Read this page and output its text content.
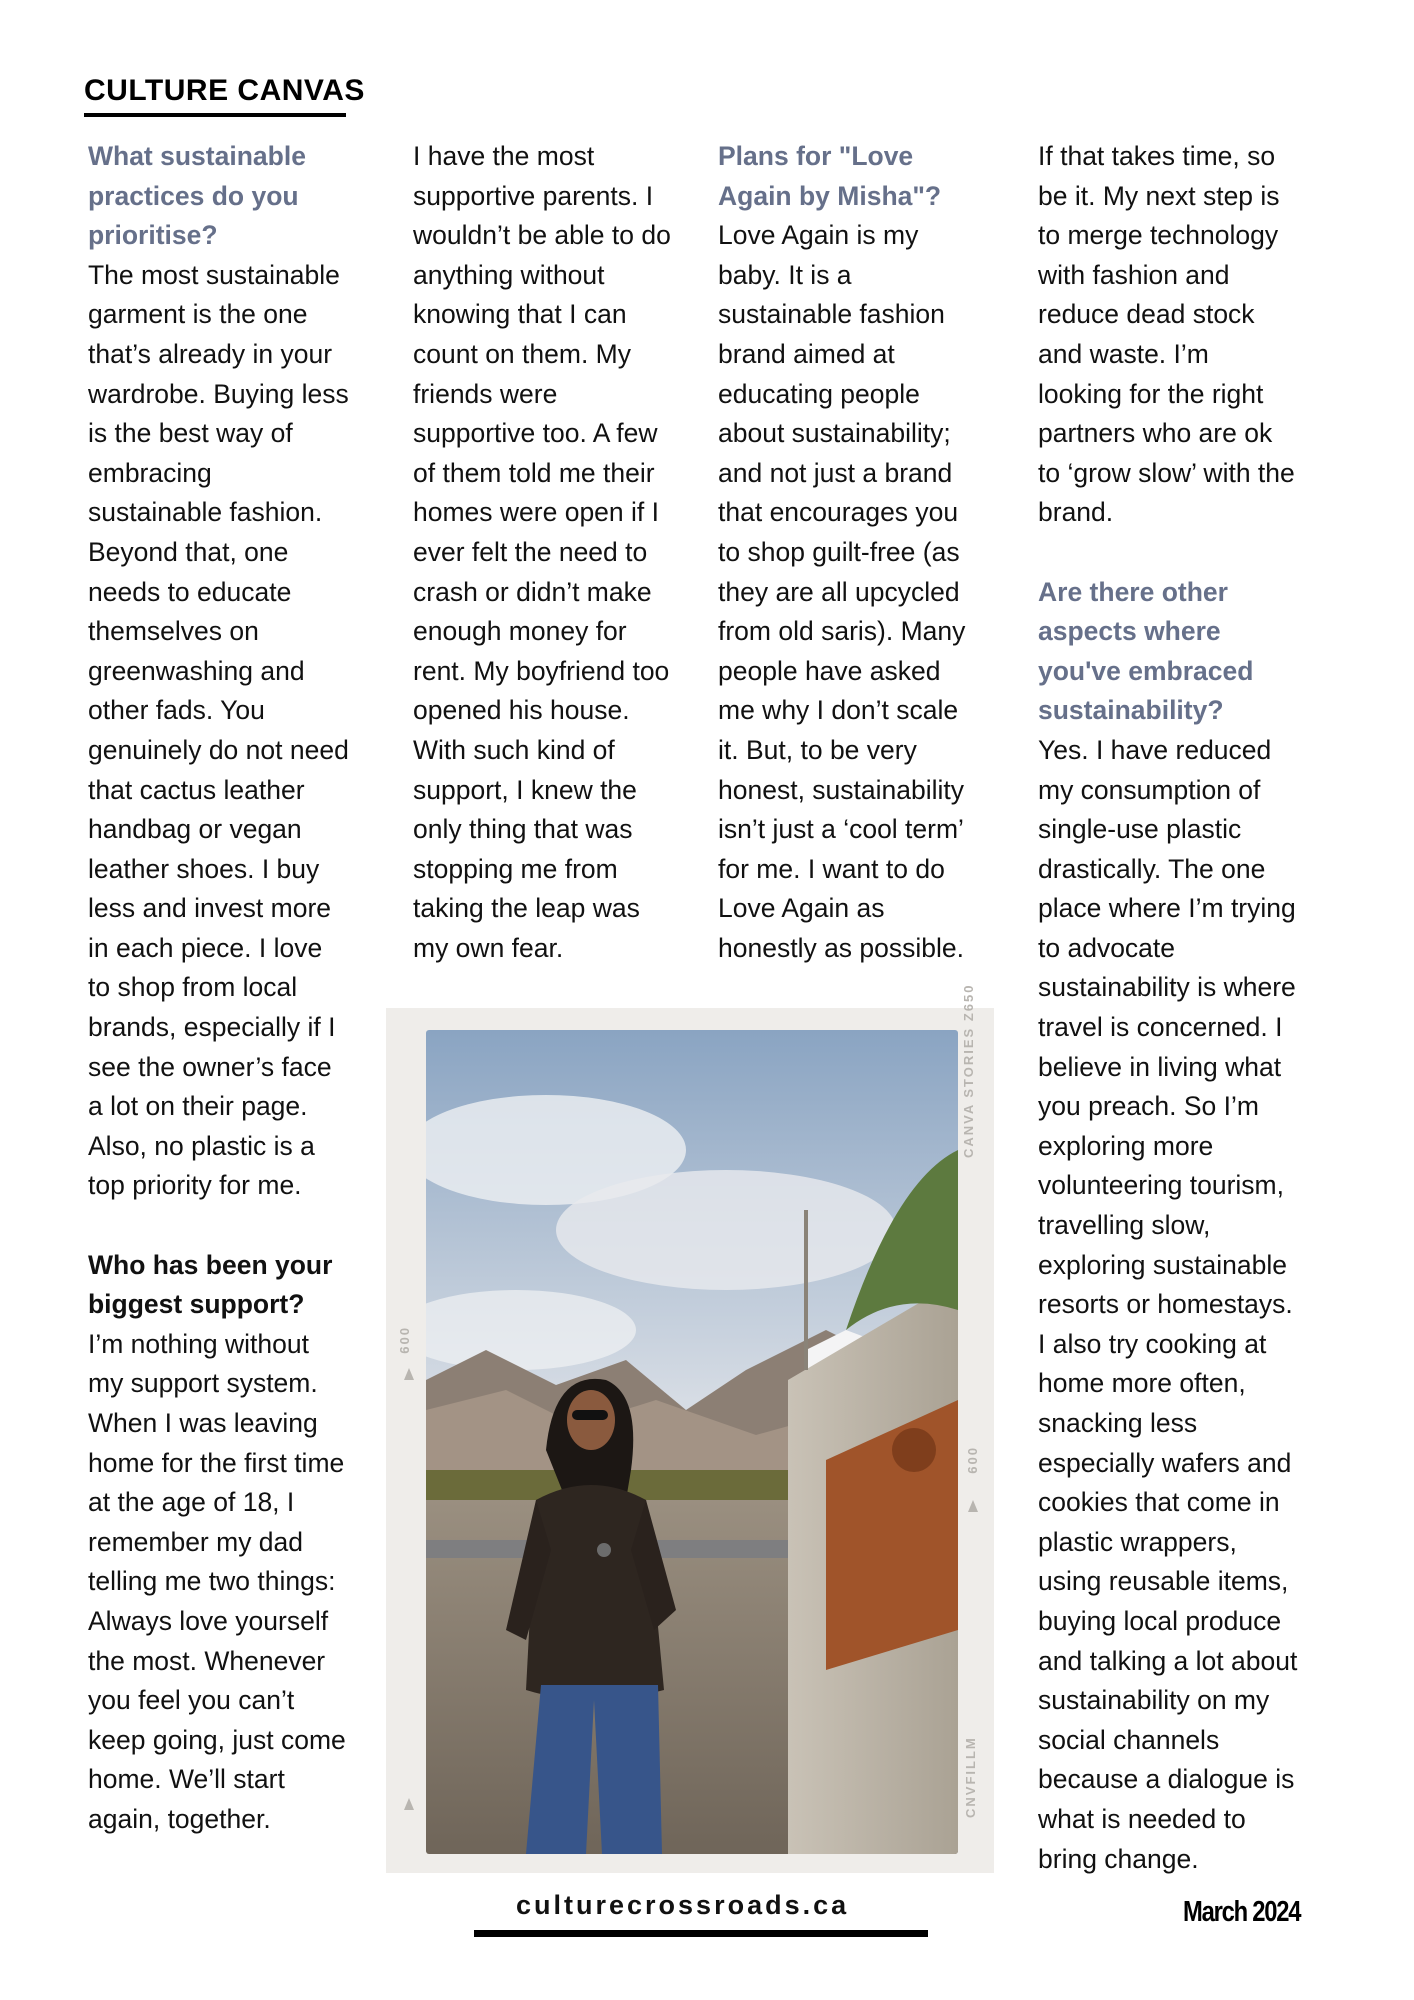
CULTURE CANVAS

What sustainable

practices do you

prioritise?

The most sustainable

garment is the one

that’s already in your

wardrobe. Buying less

is the best way of

embracing

sustainable fashion.

Beyond that, one

needs to educate

themselves on

greenwashing and

other fads. You

genuinely do not need

that cactus leather

handbag or vegan

leather shoes. I buy

less and invest more

in each piece. I love

to shop from local

brands, especially if I

see the owner’s face

a lot on their page.

Also, no plastic is a

top priority for me.

Who has been your

biggest support?

I’m nothing without

my support system.

When I was leaving

home for the first time

at the age of 18, I

remember my dad

telling me two things:

Always love yourself

the most. Whenever

you feel you can’t

keep going, just come

home. We’ll start

again, together.

I have the most

supportive parents. I

wouldn’t be able to do

anything without

knowing that I can

count on them. My

friends were

supportive too. A few

of them told me their

homes were open if I

ever felt the need to

crash or didn’t make

enough money for

rent. My boyfriend too

opened his house.

With such kind of

support, I knew the

only thing that was

stopping me from

taking the leap was

my own fear.

Plans for "Love

Again by Misha"?

Love Again is my

baby. It is a

sustainable fashion

brand aimed at

educating people

about sustainability;

and not just a brand

that encourages you

to shop guilt-free (as

they are all upcycled

from old saris). Many

people have asked

me why I don’t scale

it. But, to be very

honest, sustainability

isn’t just a ‘cool term’

for me. I want to do

Love Again as

honestly as possible.

If that takes time, so

be it. My next step is

to merge technology

with fashion and

reduce dead stock

and waste. I’m

looking for the right

partners who are ok

to ‘grow slow’ with the

brand.

Are there other

aspects where

you've embraced

sustainability?

Yes. I have reduced

my consumption of

single-use plastic

drastically. The one

place where I’m trying

to advocate

sustainability is where

travel is concerned. I

believe in living what

you preach. So I’m

exploring more

volunteering tourism,

travelling slow,

exploring sustainable

resorts or homestays.

I also try cooking at

home more often,

snacking less

especially wafers and

cookies that come in

plastic wrappers,

using reusable items,

buying local produce

and talking a lot about

sustainability on my

social channels

because a dialogue is

what is needed to

bring change.

CANVA STORIES Z650
CNVFILLM
009
009
culturecrossroads.ca	March 2024
